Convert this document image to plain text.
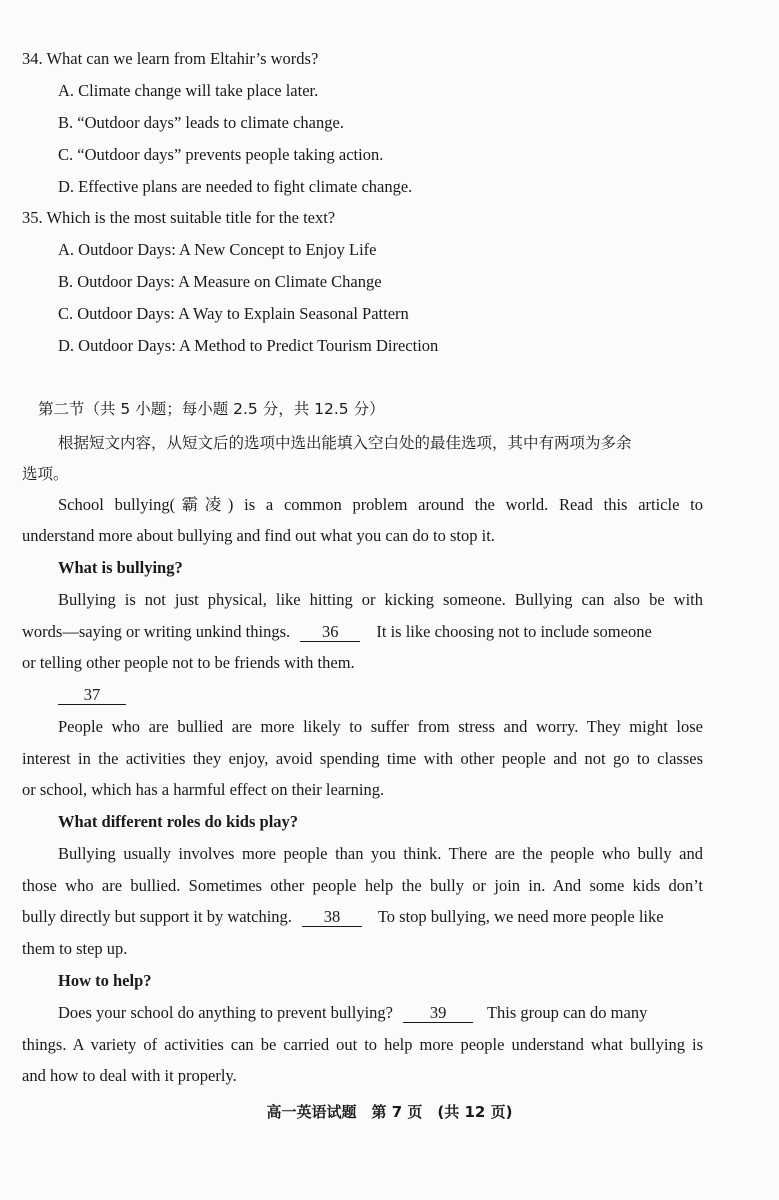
34. What can we learn from Eltahir’s words?
A. Climate change will take place later.
B. “Outdoor days” leads to climate change.
C. “Outdoor days” prevents people taking action.
D. Effective plans are needed to fight climate change.
35. Which is the most suitable title for the text?
A. Outdoor Days: A New Concept to Enjoy Life
B. Outdoor Days: A Measure on Climate Change
C. Outdoor Days: A Way to Explain Seasonal Pattern
D. Outdoor Days: A Method to Predict Tourism Direction
第二节（共 5 小题；每小题 2.5 分，共 12.5 分）
根据短文内容，从短文后的选项中选出能填入空白处的最佳选项，其中有两项为多余
选项。
School bullying(霸凌) is a common problem around the world. Read this article to
understand more about bullying and find out what you can do to stop it.
What is bullying?
Bullying is not just physical, like hitting or kicking someone. Bullying can also be with
words—saying or writing unkind things. 36 It is like choosing not to include someone
or telling other people not to be friends with them.
37
People who are bullied are more likely to suffer from stress and worry. They might lose
interest in the activities they enjoy, avoid spending time with other people and not go to classes
or school, which has a harmful effect on their learning.
What different roles do kids play?
Bullying usually involves more people than you think. There are the people who bully and
those who are bullied. Sometimes other people help the bully or join in. And some kids don’t
bully directly but support it by watching. 38 To stop bullying, we need more people like
them to step up.
How to help?
Does your school do anything to prevent bullying? 39 This group can do many
things. A variety of activities can be carried out to help more people understand what bullying is
and how to deal with it properly.
高一英语试题　第 7 页　(共 12 页)
